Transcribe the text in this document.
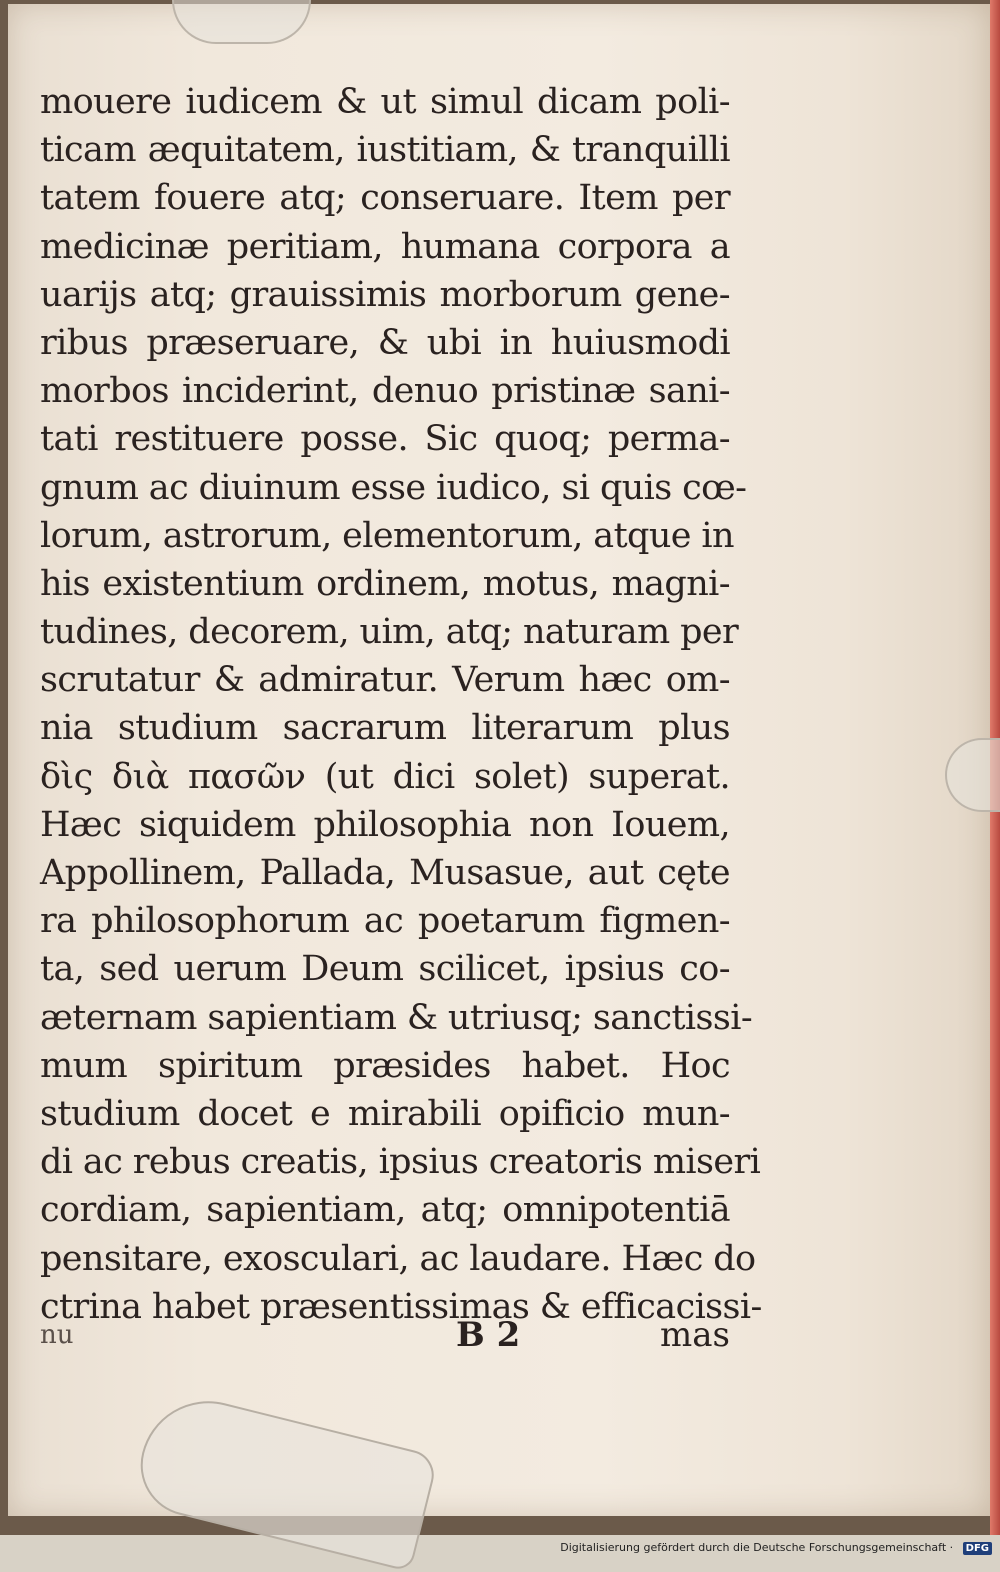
mouere iudicem & ut simul dicam poli-
ticam æquitatem, iustitiam, & tranquilli
tatem fouere atq; conseruare. Item per
medicinæ peritiam, humana corpora a
uarijs atq; grauissimis morborum gene-
ribus præseruare, & ubi in huiusmodi
morbos inciderint, denuo pristinæ sani-
tati restituere posse. Sic quoq; perma-
gnum ac diuinum esse iudico, si quis cœ-
lorum, astrorum, elementorum, atque in
his existentium ordinem, motus, magni-
tudines, decorem, uim, atq; naturam per
scrutatur & admiratur. Verum hæc om-
nia studium sacrarum literarum plus
δὶς διὰ πασῶν (ut dici solet) superat.
Hæc siquidem philosophia non Iouem,
Appollinem, Pallada, Musasue, aut cęte
ra philosophorum ac poetarum figmen-
ta, sed uerum Deum scilicet, ipsius co-
æternam sapientiam & utriusq; sanctissi-
mum spiritum præsides habet. Hoc
studium docet e mirabili opificio mun-
di ac rebus creatis, ipsius creatoris miseri
cordiam, sapientiam, atq; omnipotentiā
pensitare, exosculari, ac laudare. Hæc do
ctrina habet præsentissimas & efficacissi-
nu	B 2	mas
Digitalisierung gefördert durch die Deutsche Forschungsgemeinschaft · DFG
